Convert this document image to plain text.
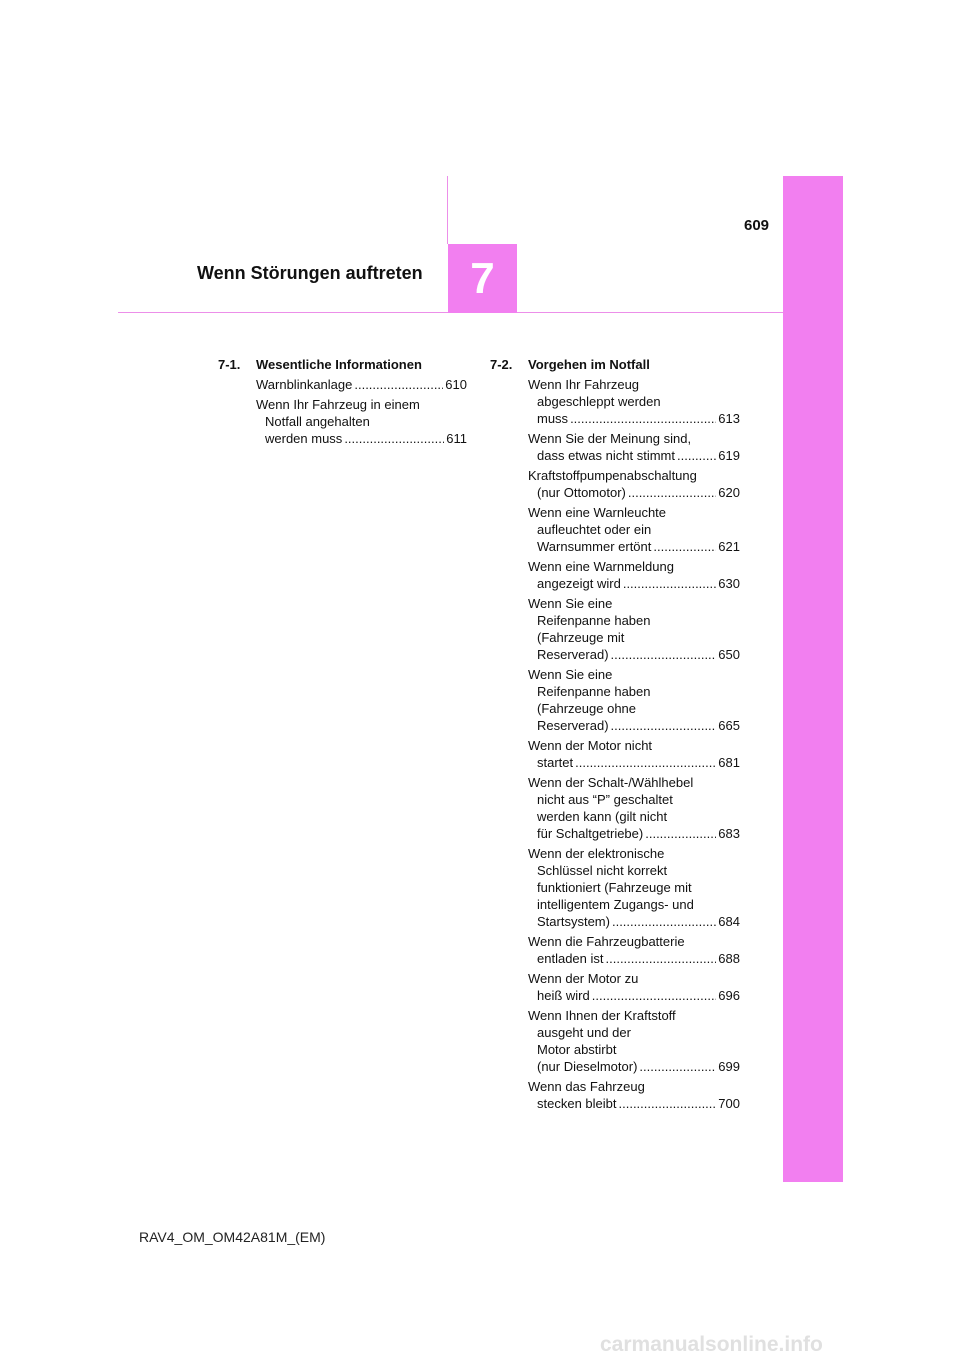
609
7
Wenn Störungen auftreten
7-1. Wesentliche Informationen
Warnblinkanlage .....	610
Wenn Ihr Fahrzeug in einem
Notfall angehalten
werden muss .....	611
7-2. Vorgehen im Notfall
Wenn Ihr Fahrzeug
abgeschleppt werden
muss .....	613
Wenn Sie der Meinung sind,
dass etwas nicht stimmt .....	619
Kraftstoffpumpenabschaltung
(nur Ottomotor) .....	620
Wenn eine Warnleuchte
aufleuchtet oder ein
Warnsummer ertönt .....	621
Wenn eine Warnmeldung
angezeigt wird .....	630
Wenn Sie eine
Reifenpanne haben
(Fahrzeuge mit
Reserverad) .....	650
Wenn Sie eine
Reifenpanne haben
(Fahrzeuge ohne
Reserverad) .....	665
Wenn der Motor nicht
startet .....	681
Wenn der Schalt-/Wählhebel
nicht aus “P” geschaltet
werden kann (gilt nicht
für Schaltgetriebe) .....	683
Wenn der elektronische
Schlüssel nicht korrekt
funktioniert (Fahrzeuge mit
intelligentem Zugangs- und
Startsystem) .....	684
Wenn die Fahrzeugbatterie
entladen ist .....	688
Wenn der Motor zu
heiß wird .....	696
Wenn Ihnen der Kraftstoff
ausgeht und der
Motor abstirbt
(nur Dieselmotor) .....	699
Wenn das Fahrzeug
stecken bleibt .....	700
RAV4_OM_OM42A81M_(EM)
carmanualsonline.info
